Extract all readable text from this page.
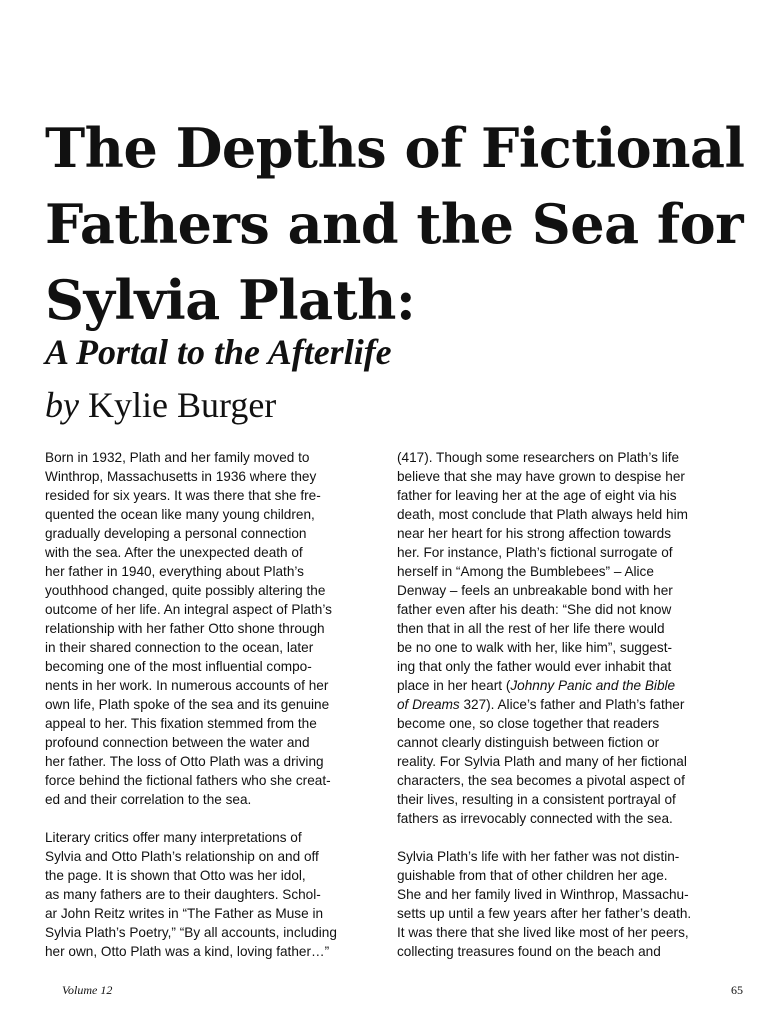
The Depths of Fictional
Fathers and the Sea for
Sylvia Plath:
A Portal to the Afterlife

by Kylie Burger

Born in 1932, Plath and her family moved to
Winthrop, Massachusetts in 1936 where they
resided for six years. It was there that she fre-
quented the ocean like many young children,
gradually developing a personal connection
with the sea. After the unexpected death of
her father in 1940, everything about Plath’s
youthhood changed, quite possibly altering the
outcome of her life. An integral aspect of Plath’s
relationship with her father Otto shone through
in their shared connection to the ocean, later
becoming one of the most influential compo-
nents in her work. In numerous accounts of her
own life, Plath spoke of the sea and its genuine
appeal to her. This fixation stemmed from the
profound connection between the water and
her father. The loss of Otto Plath was a driving
force behind the fictional fathers who she creat-
ed and their correlation to the sea.
Literary critics offer many interpretations of
Sylvia and Otto Plath’s relationship on and off
the page. It is shown that Otto was her idol,
as many fathers are to their daughters. Schol-
ar John Reitz writes in “The Father as Muse in
Sylvia Plath’s Poetry,” “By all accounts, including
her own, Otto Plath was a kind, loving father…”
(417). Though some researchers on Plath’s life
believe that she may have grown to despise her
father for leaving her at the age of eight via his
death, most conclude that Plath always held him
near her heart for his strong affection towards
her. For instance, Plath’s fictional surrogate of
herself in “Among the Bumblebees” – Alice
Denway – feels an unbreakable bond with her
father even after his death: “She did not know
then that in all the rest of her life there would
be no one to walk with her, like him”, suggest-
ing that only the father would ever inhabit that
place in her heart (Johnny Panic and the Bible
of Dreams 327). Alice’s father and Plath’s father
become one, so close together that readers
cannot clearly distinguish between fiction or
reality. For Sylvia Plath and many of her fictional
characters, the sea becomes a pivotal aspect of
their lives, resulting in a consistent portrayal of
fathers as irrevocably connected with the sea.
Sylvia Plath’s life with her father was not distin-
guishable from that of other children her age.
She and her family lived in Winthrop, Massachu-
setts up until a few years after her father’s death.
It was there that she lived like most of her peers,
collecting treasures found on the beach and
Volume 12	65
